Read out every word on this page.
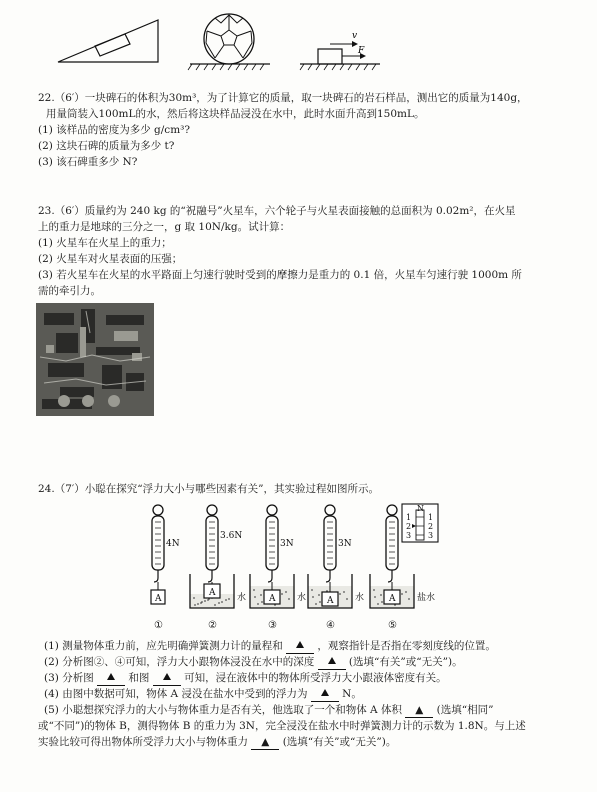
v
F
22.（6′）一块碑石的体积为30m³，为了计算它的质量，取一块碑石的岩石样品，测出它的质量为140g，
用量筒装入100mL的水，然后将这块样品浸没在水中，此时水面升高到150mL。
(1) 该样品的密度为多少 g/cm³?
(2) 这块石碑的质量为多少 t?
(3) 该石碑重多少 N?
23.（6′）质量约为 240 kg 的“祝融号”火星车，六个轮子与火星表面接触的总面积为 0.02m²，在火星
上的重力是地球的三分之一，g 取 10N/kg。试计算：
(1) 火星车在火星上的重力；
(2) 火星车对火星表面的压强；
(3) 若火星车在火星的水平路面上匀速行驶时受到的摩擦力是重力的 0.1 倍，火星车匀速行驶 1000m 所
需的牵引力。
24.（7′）小聪在探究“浮力大小与哪些因素有关”，其实验过程如图所示。
4N
3.6N
3N	3N
A
A 水	A 水 A 水	A 盐水
N
1 1
2 2
3 3
①	②	③	④	⑤
(1) 测量物体重力前，应先明确弹簧测力计的量程和	，观察指针是否指在零刻度线的位置。
(2) 分析图②、④可知，浮力大小跟物体浸没在水中的深度	(选填“有关”或“无关”)。
(3) 分析图	和图	可知，浸在液体中的物体所受浮力大小跟液体密度有关。
(4) 由图中数据可知，物体 A 浸没在盐水中受到的浮力为	N。
(5) 小聪想探究浮力的大小与物体重力是否有关，他选取了一个和物体 A 体积 ▲ (选填“相同”
或“不同”)的物体 B，测得物体 B 的重力为 3N，完全浸没在盐水中时弹簧测力计的示数为 1.8N。与上述
实验比较可得出物体所受浮力大小与物体重力 ▲ (选填“有关”或“无关”)。
